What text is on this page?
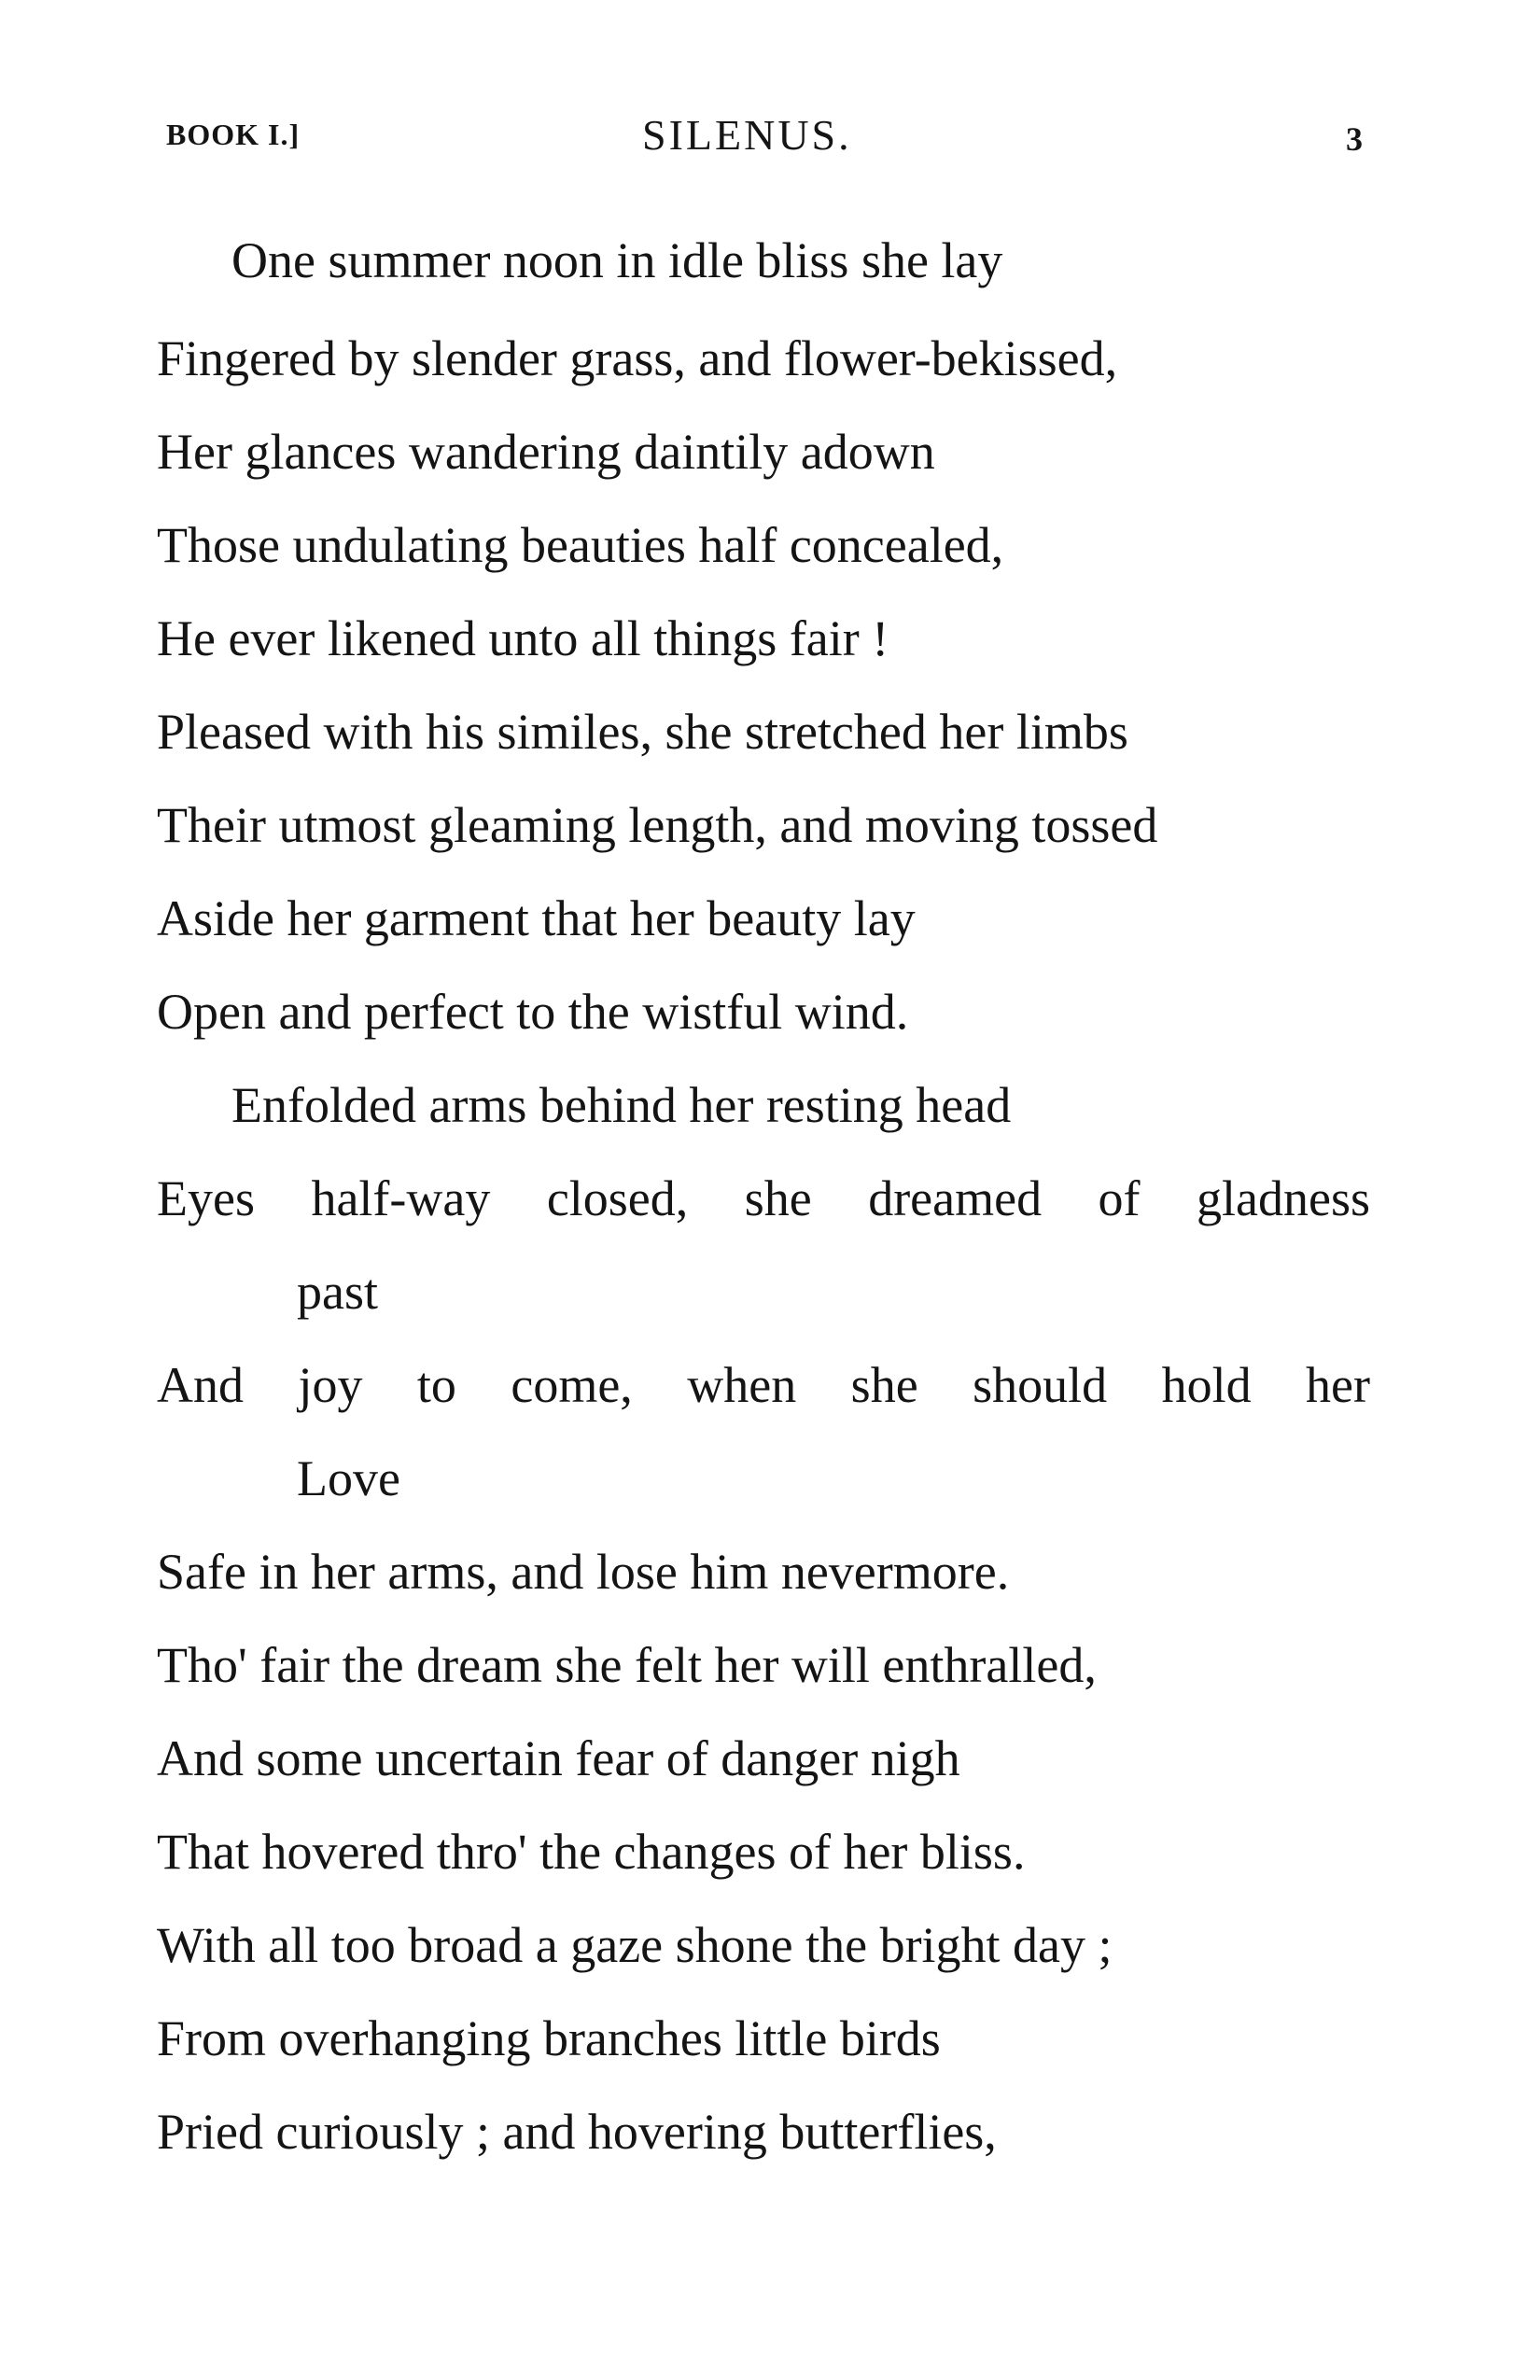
BOOK I.]	SILENUS.	3
One summer noon in idle bliss she lay
Fingered by slender grass, and flower-bekissed,
Her glances wandering daintily adown
Those undulating beauties half concealed,
He ever likened unto all things fair !
Pleased with his similes, she stretched her limbs
Their utmost gleaming length, and moving tossed
Aside her garment that her beauty lay
Open and perfect to the wistful wind.
Enfolded arms behind her resting head
Eyes half-way closed, she dreamed of gladness
past
And joy to come, when she should hold her
Love
Safe in her arms, and lose him nevermore.
Tho' fair the dream she felt her will enthralled,
And some uncertain fear of danger nigh
That hovered thro' the changes of her bliss.
With all too broad a gaze shone the bright day ;
From overhanging branches little birds
Pried curiously ; and hovering butterflies,
